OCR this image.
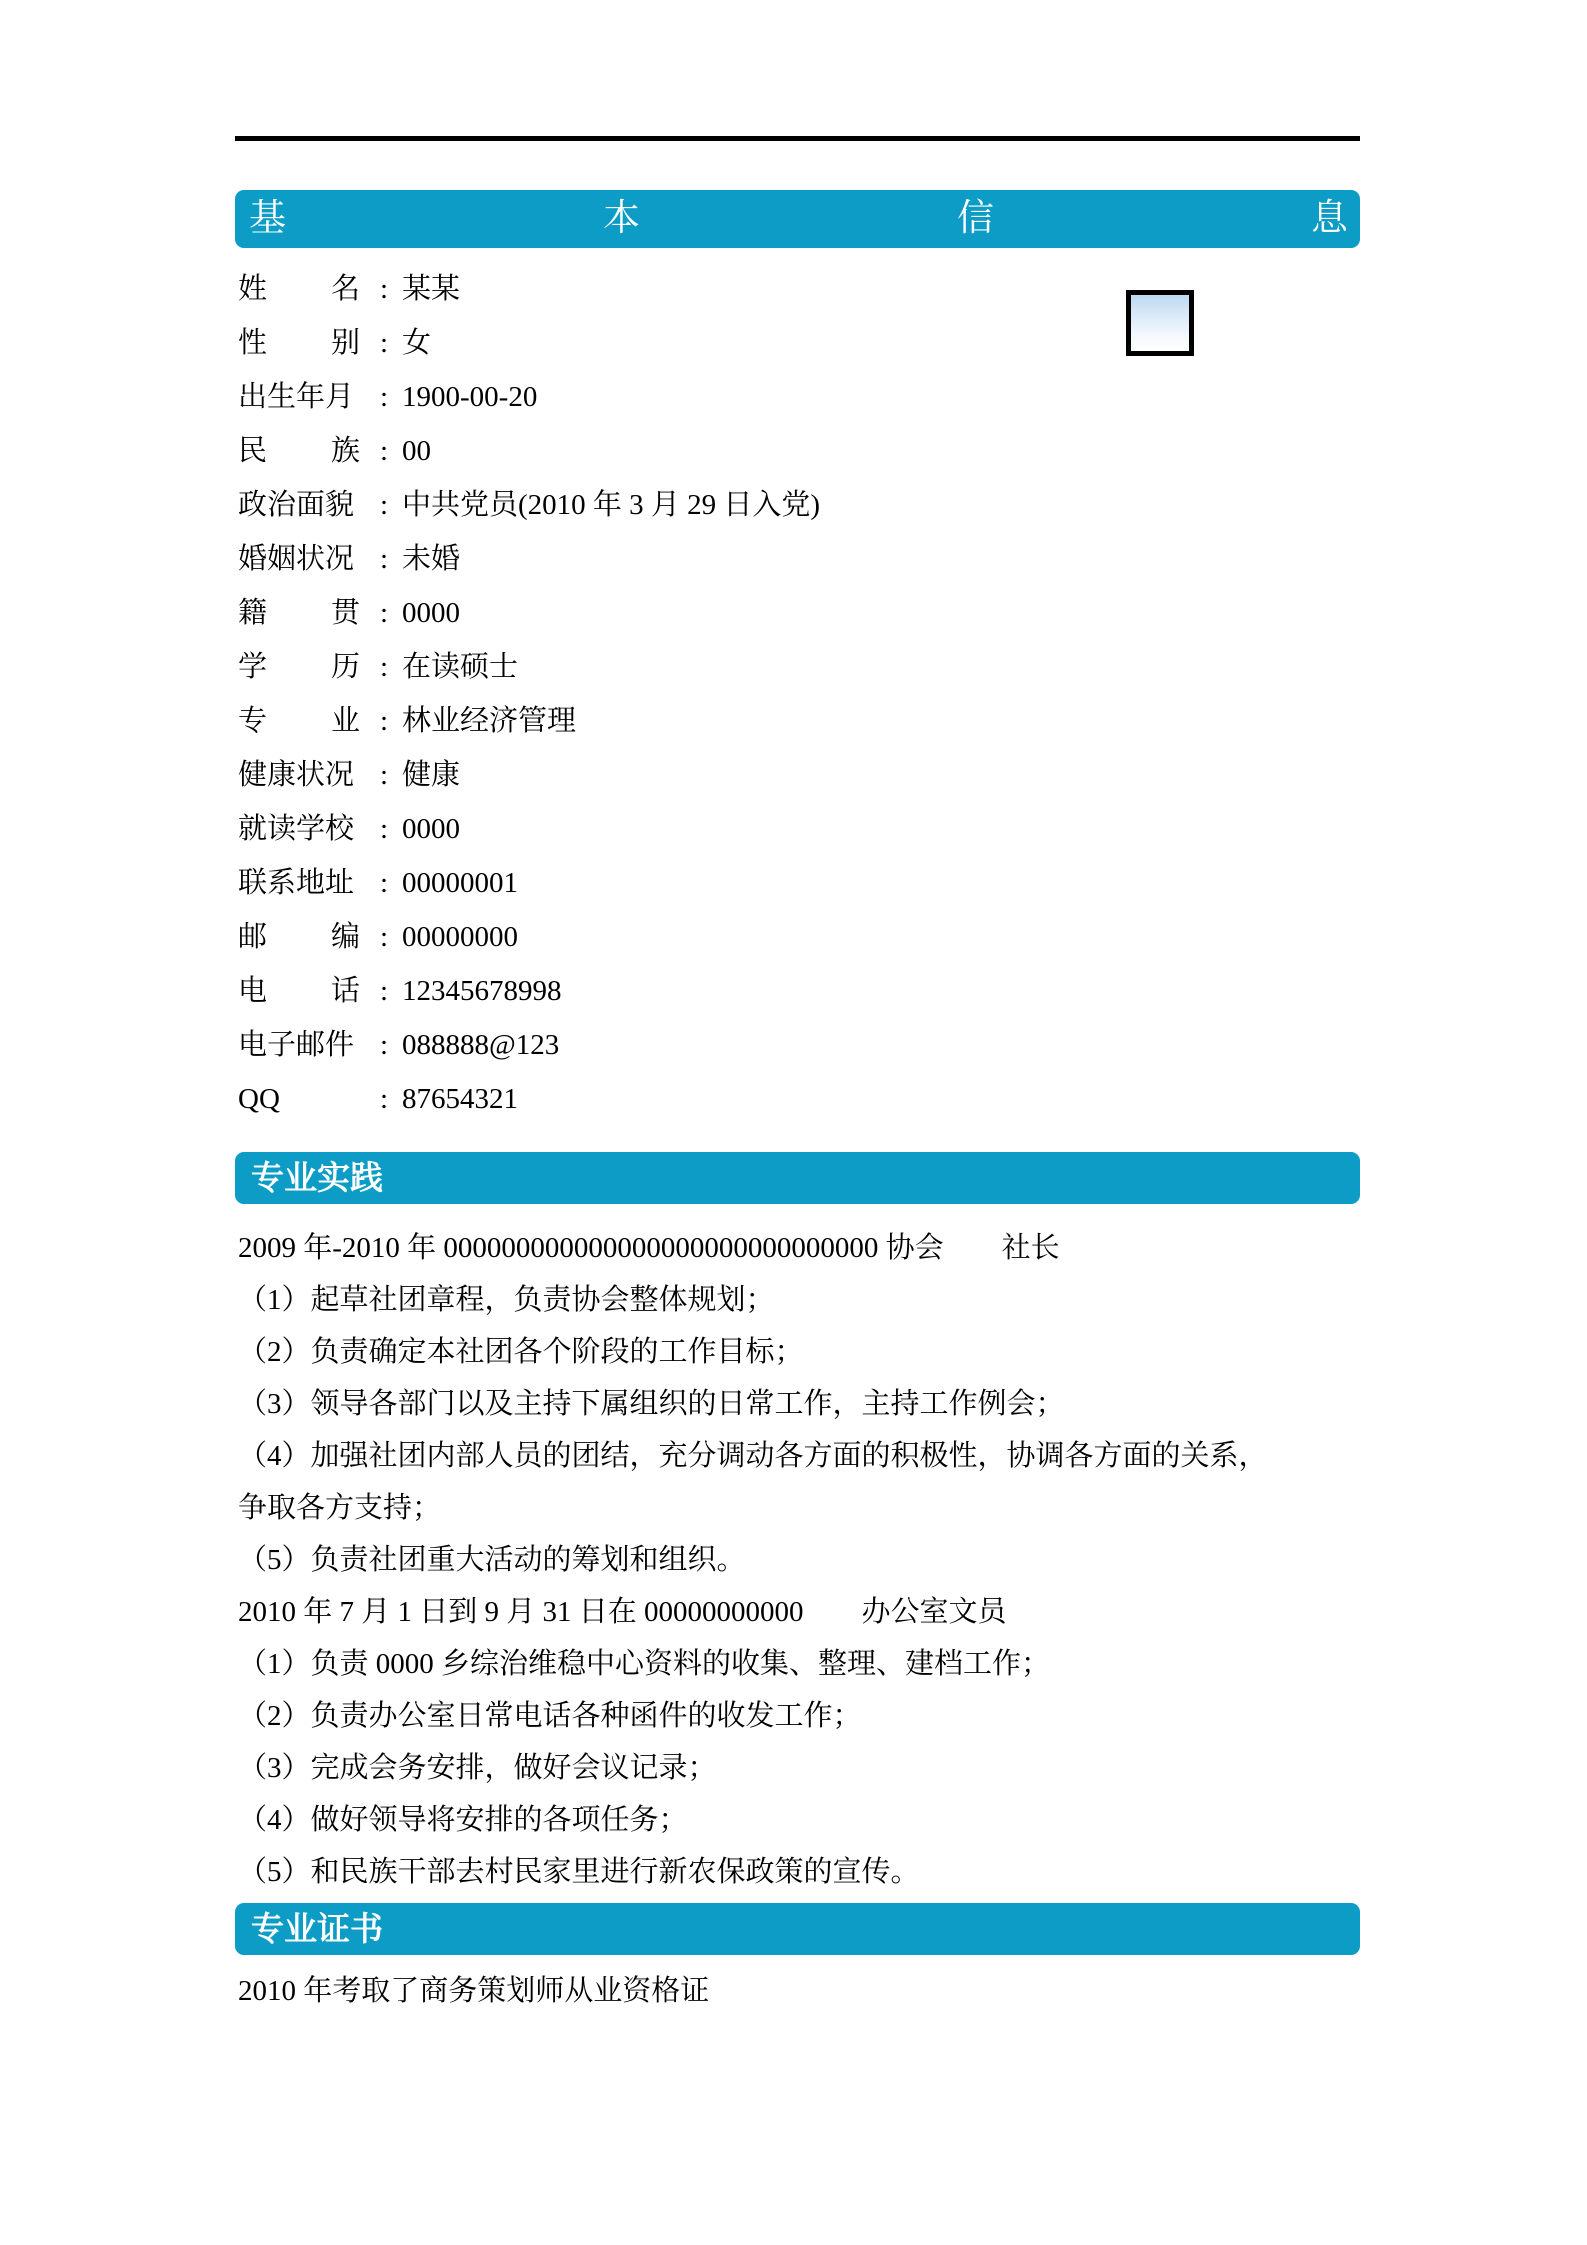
基	本	信	息
姓 名 : 某某
性 别 : 女
出生年月 : 1900-00-20
民 族 : 00
政治面貌 : 中共党员(2010 年 3 月 29 日入党)
婚姻状况 : 未婚
籍 贯 : 0000
学 历 : 在读硕士
专 业 : 林业经济管理
健康状况 : 健康
就读学校 : 0000
联系地址 : 00000001
邮 编 : 00000000
电 话 : 12345678998
电子邮件 : 088888@123
QQ	: 87654321
专业实践
2009 年-2010 年 000000000000000000000000000000 协会　　社长
（1）起草社团章程，负责协会整体规划；
（2）负责确定本社团各个阶段的工作目标；
（3）领导各部门以及主持下属组织的日常工作，主持工作例会；
（4）加强社团内部人员的团结，充分调动各方面的积极性，协调各方面的关系，
争取各方支持；
（5）负责社团重大活动的筹划和组织。
2010 年 7 月 1 日到 9 月 31 日在 00000000000　　办公室文员
（1）负责 0000 乡综治维稳中心资料的收集、整理、建档工作；
（2）负责办公室日常电话各种函件的收发工作；
（3）完成会务安排，做好会议记录；
（4）做好领导将安排的各项任务；
（5）和民族干部去村民家里进行新农保政策的宣传。
专业证书
2010 年考取了商务策划师从业资格证
